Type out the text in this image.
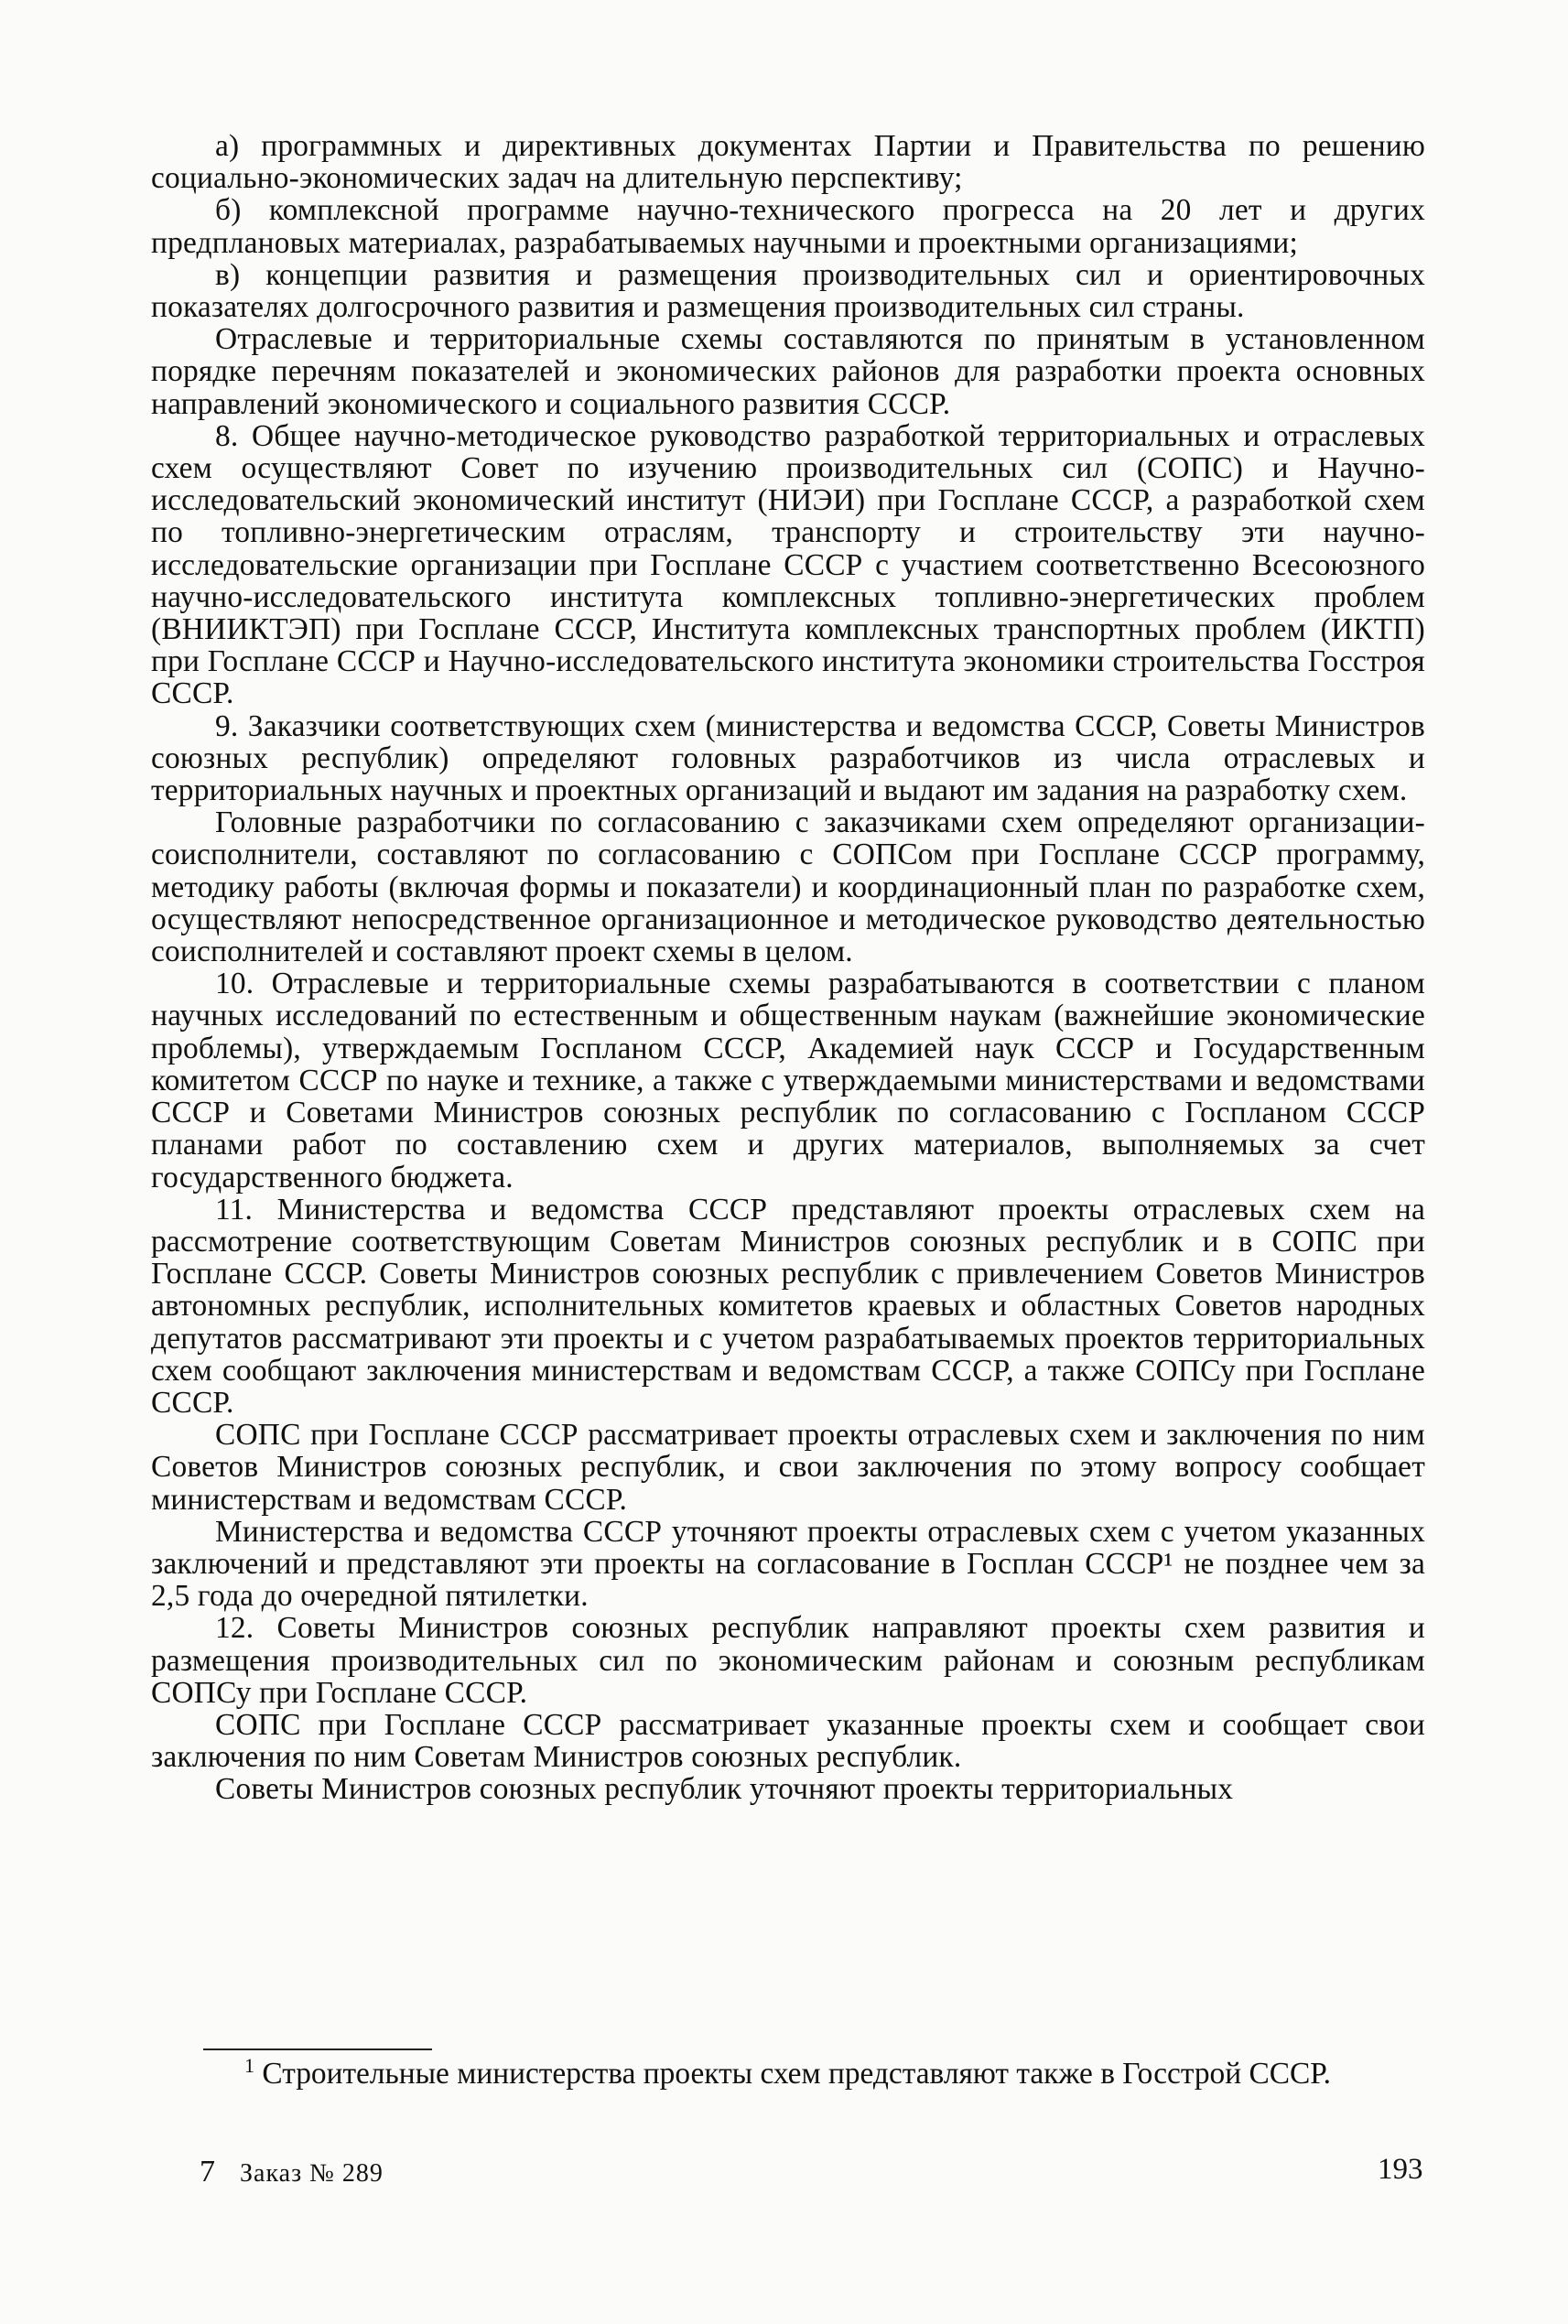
а) программных и директивных документах Партии и Правительства по решению социально-экономических задач на длительную перспективу;

б) комплексной программе научно-технического прогресса на 20 лет и других предплановых материалах, разрабатываемых научными и проектными организациями;

в) концепции развития и размещения производительных сил и ориентировочных показателях долгосрочного развития и размещения производительных сил страны.

Отраслевые и территориальные схемы составляются по принятым в установленном порядке перечням показателей и экономических районов для разработки проекта основных направлений экономического и социального развития СССР.

8. Общее научно-методическое руководство разработкой территориальных и отраслевых схем осуществляют Совет по изучению производительных сил (СОПС) и Научно-исследовательский экономический институт (НИЭИ) при Госплане СССР, а разработкой схем по топливно-энергетическим отраслям, транспорту и строительству эти научно-исследовательские организации при Госплане СССР с участием соответственно Всесоюзного научно-исследовательского института комплексных топливно-энергетических проблем (ВНИИКТЭП) при Госплане СССР, Института комплексных транспортных проблем (ИКТП) при Госплане СССР и Научно-исследовательского института экономики строительства Госстроя СССР.

9. Заказчики соответствующих схем (министерства и ведомства СССР, Советы Министров союзных республик) определяют головных разработчиков из числа отраслевых и территориальных научных и проектных организаций и выдают им задания на разработку схем.

Головные разработчики по согласованию с заказчиками схем определяют организации-соисполнители, составляют по согласованию с СОПСом при Госплане СССР программу, методику работы (включая формы и показатели) и координационный план по разработке схем, осуществляют непосредственное организационное и методическое руководство деятельностью соисполнителей и составляют проект схемы в целом.

10. Отраслевые и территориальные схемы разрабатываются в соответствии с планом научных исследований по естественным и общественным наукам (важнейшие экономические проблемы), утверждаемым Госпланом СССР, Академией наук СССР и Государственным комитетом СССР по науке и технике, а также с утверждаемыми министерствами и ведомствами СССР и Советами Министров союзных республик по согласованию с Госпланом СССР планами работ по составлению схем и других материалов, выполняемых за счет государственного бюджета.

11. Министерства и ведомства СССР представляют проекты отраслевых схем на рассмотрение соответствующим Советам Министров союзных республик и в СОПС при Госплане СССР. Советы Министров союзных республик с привлечением Советов Министров автономных республик, исполнительных комитетов краевых и областных Советов народных депутатов рассматривают эти проекты и с учетом разрабатываемых проектов территориальных схем сообщают заключения министерствам и ведомствам СССР, а также СОПСу при Госплане СССР.

СОПС при Госплане СССР рассматривает проекты отраслевых схем и заключения по ним Советов Министров союзных республик, и свои заключения по этому вопросу сообщает министерствам и ведомствам СССР.

Министерства и ведомства СССР уточняют проекты отраслевых схем с учетом указанных заключений и представляют эти проекты на согласование в Госплан СССР¹ не позднее чем за 2,5 года до очередной пятилетки.

12. Советы Министров союзных республик направляют проекты схем развития и размещения производительных сил по экономическим районам и союзным республикам СОПСу при Госплане СССР.

СОПС при Госплане СССР рассматривает указанные проекты схем и сообщает свои заключения по ним Советам Министров союзных республик.

Советы Министров союзных республик уточняют проекты территориальных

$^1$ Строительные министерства проекты схем представляют также в Госстрой СССР.

7 Заказ № 289	193
